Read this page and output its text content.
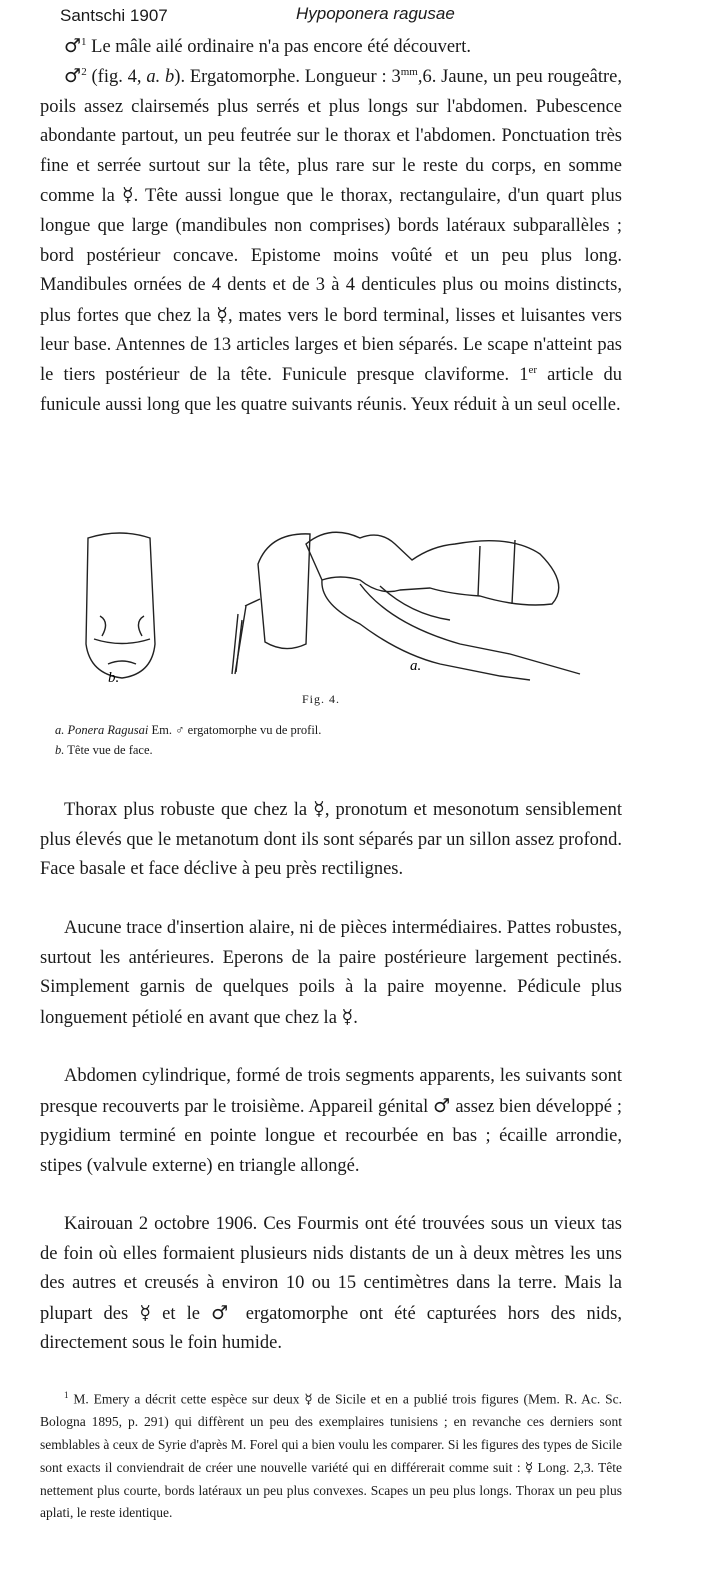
Santschi 1907	Hypoponera ragusae

♂$^1$ Le mâle ailé ordinaire n'a pas encore été découvert.

♂$^2$ (fig. 4, a. b). Ergatomorphe. Longueur : $3^{mm},6$. Jaune, un peu rougeâtre, poils assez clairsemés plus serrés et plus longs sur l'abdomen. Pubescence abondante partout, un peu feutrée sur le thorax et l'abdomen. Ponctuation très fine et serrée surtout sur la tête, plus rare sur le reste du corps, en somme comme la ☿. Tête aussi longue que le thorax, rectangulaire, d'un quart plus longue que large (mandibules non comprises) bords latéraux subparallèles ; bord postérieur concave. Epistome moins voûté et un peu plus long. Mandibules ornées de 4 dents et de 3 à 4 denticules plus ou moins distincts, plus fortes que chez la ☿, mates vers le bord terminal, lisses et luisantes vers leur base. Antennes de 13 articles larges et bien séparés. Le scape n'atteint pas le tiers postérieur de la tête. Funicule presque claviforme. 1er article du funicule aussi long que les quatre suivants réunis. Yeux réduit à un seul ocelle.

b.
a.
Fig. 4.
a. Ponera Ragusai Em. ♂ ergatomorphe vu de profil.
b. Tête vue de face.

Thorax plus robuste que chez la ☿, pronotum et mesonotum sensiblement plus élevés que le metanotum dont ils sont séparés par un sillon assez profond. Face basale et face déclive à peu près rectilignes.

Aucune trace d'insertion alaire, ni de pièces intermédiaires. Pattes robustes, surtout les antérieures. Eperons de la paire postérieure largement pectinés. Simplement garnis de quelques poils à la paire moyenne. Pédicule plus longuement pétiolé en avant que chez la ☿.

Abdomen cylindrique, formé de trois segments apparents, les suivants sont presque recouverts par le troisième. Appareil génital ♂ assez bien développé ; pygidium terminé en pointe longue et recourbée en bas ; écaille arrondie, stipes (valvule externe) en triangle allongé.

Kairouan 2 octobre 1906. Ces Fourmis ont été trouvées sous un vieux tas de foin où elles formaient plusieurs nids distants de un à deux mètres les uns des autres et creusés à environ 10 ou 15 centimètres dans la terre. Mais la plupart des ☿ et le ♂ ergatomorphe ont été capturées hors des nids, directement sous le foin humide.

$^1$ M. Emery a décrit cette espèce sur deux ☿ de Sicile et en a publié trois figures (Mem. R. Ac. Sc. Bologna 1895, p. 291) qui diffèrent un peu des exemplaires tunisiens ; en revanche ces derniers sont semblables à ceux de Syrie d'après M. Forel qui a bien voulu les comparer. Si les figures des types de Sicile sont exacts il conviendrait de créer une nouvelle variété qui en différerait comme suit : ☿ Long. 2,3. Tête nettement plus courte, bords latéraux un peu plus convexes. Scapes un peu plus longs. Thorax un peu plus aplati, le reste identique.
